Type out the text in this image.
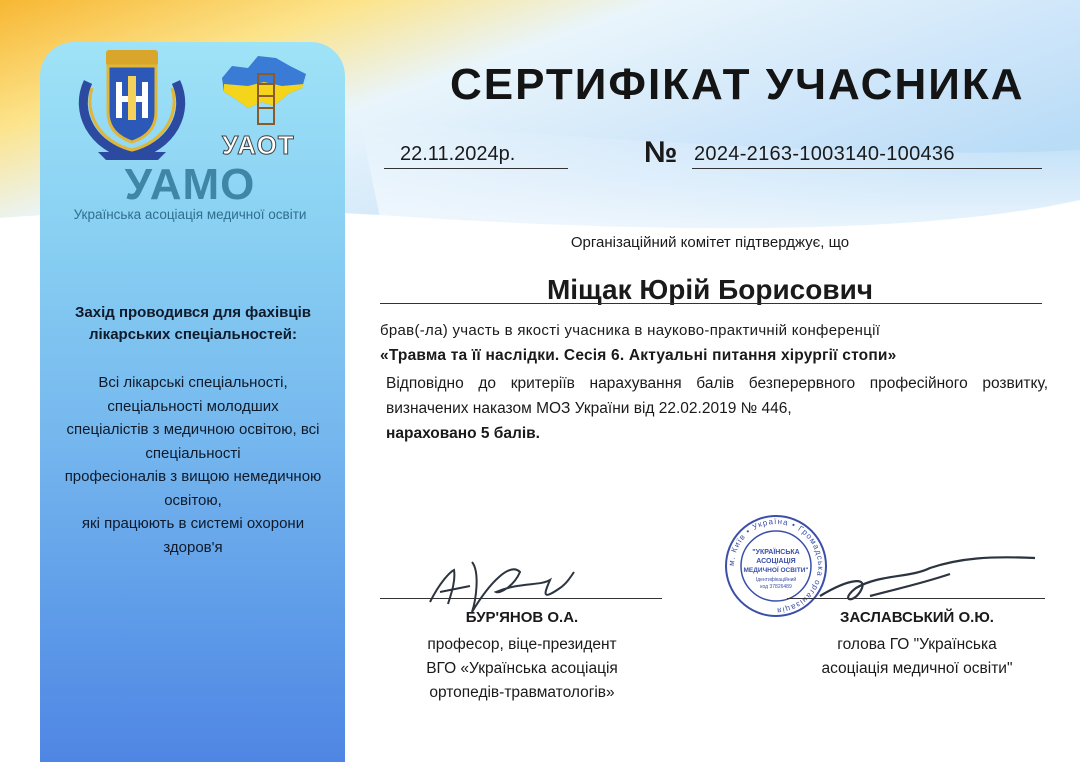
УАОТ
УАМО
Українська асоціація медичної освіти
Захід проводився для фахівців
лікарських спеціальностей:
Всі лікарські спеціальності,
спеціальності молодших
спеціалістів з медичною освітою, всі
спеціальності
професіоналів з вищою немедичною
освітою,
які працюють в системі охорони
здоров'я
СЕРТИФІКАТ УЧАСНИКА
22.11.2024р.	№ 2024-2163-1003140-100436
Організаційний комітет підтверджує, що
Міщак Юрій Борисович
брав(-ла) участь в якості учасника в науково-практичній конференції
«Травма та її наслідки. Сесія 6. Актуальні питання хірургії стопи»
Відповідно до критеріїв нарахування балів безперервного професійного розвитку, визначених наказом МОЗ України від 22.02.2019 № 446,
нараховано 5 балів.
м. Київ • Україна • Громадська організація
"УКРАЇНСЬКА
АСОЦІАЦІЯ
МЕДИЧНОЇ ОСВІТИ"
Ідентифікаційний
код 37826489
БУР'ЯНОВ О.А.
професор, віце-президент
ВГО «Українська асоціація
ортопедів-травматологів»
ЗАСЛАВСЬКИЙ О.Ю.
голова ГО "Українська
асоціація медичної освіти"
